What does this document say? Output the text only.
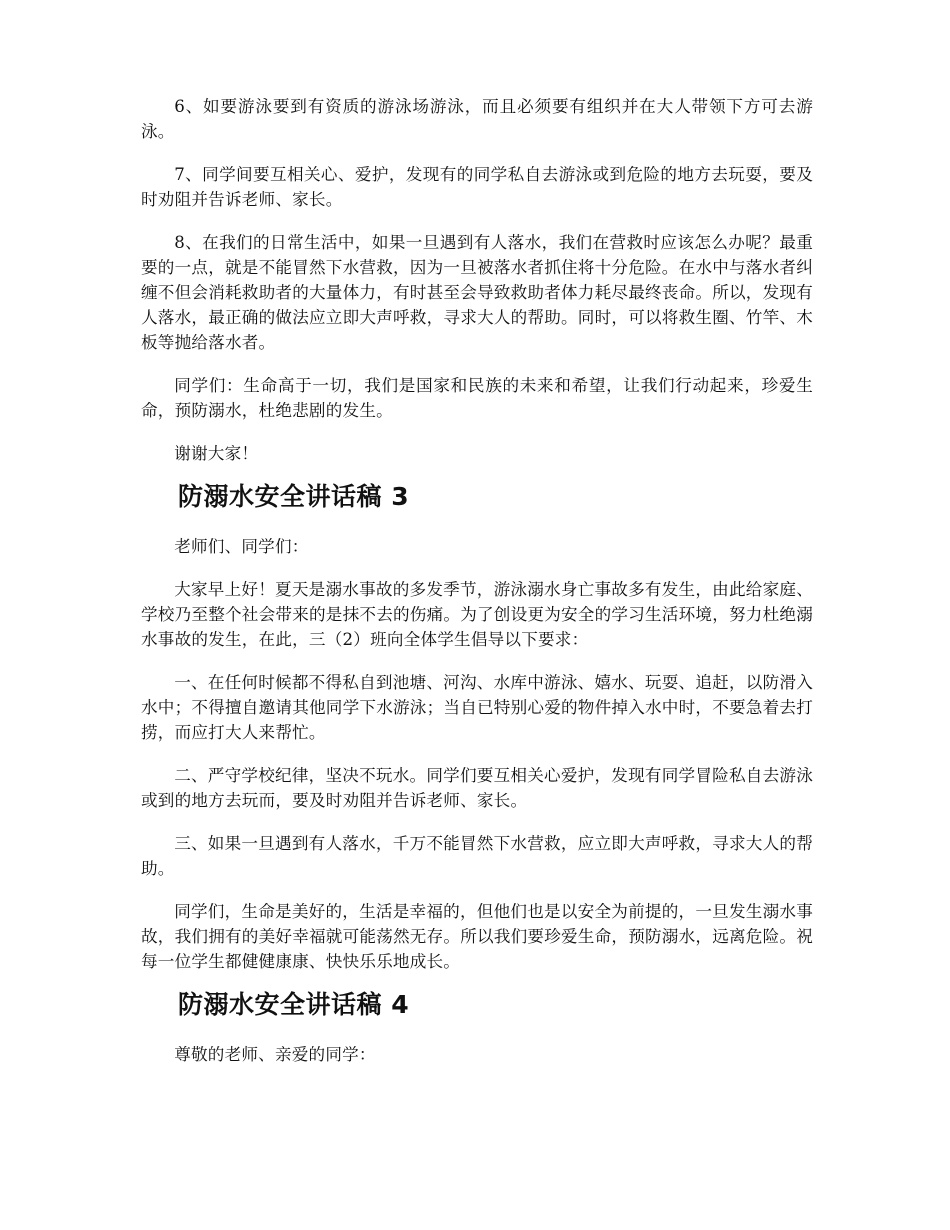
6、如要游泳要到有资质的游泳场游泳，而且必须要有组织并在大人带领下方可去游泳。

7、同学间要互相关心、爱护，发现有的同学私自去游泳或到危险的地方去玩耍，要及时劝阻并告诉老师、家长。

8、在我们的日常生活中，如果一旦遇到有人落水，我们在营救时应该怎么办呢？最重要的一点，就是不能冒然下水营救，因为一旦被落水者抓住将十分危险。在水中与落水者纠缠不但会消耗救助者的大量体力，有时甚至会导致救助者体力耗尽最终丧命。所以，发现有人落水，最正确的做法应立即大声呼救，寻求大人的帮助。同时，可以将救生圈、竹竿、木板等抛给落水者。

同学们：生命高于一切，我们是国家和民族的未来和希望，让我们行动起来，珍爱生命，预防溺水，杜绝悲剧的发生。

谢谢大家！

防溺水安全讲话稿 3

老师们、同学们：

大家早上好！夏天是溺水事故的多发季节，游泳溺水身亡事故多有发生，由此给家庭、学校乃至整个社会带来的是抹不去的伤痛。为了创设更为安全的学习生活环境，努力杜绝溺水事故的发生，在此，三（2）班向全体学生倡导以下要求：

一、在任何时候都不得私自到池塘、河沟、水库中游泳、嬉水、玩耍、追赶，以防滑入水中；不得擅自邀请其他同学下水游泳；当自已特别心爱的物件掉入水中时，不要急着去打捞，而应打大人来帮忙。

二、严守学校纪律，坚决不玩水。同学们要互相关心爱护，发现有同学冒险私自去游泳或到的地方去玩而，要及时劝阻并告诉老师、家长。

三、如果一旦遇到有人落水，千万不能冒然下水营救，应立即大声呼救，寻求大人的帮助。

同学们，生命是美好的，生活是幸福的，但他们也是以安全为前提的，一旦发生溺水事故，我们拥有的美好幸福就可能荡然无存。所以我们要珍爱生命，预防溺水，远离危险。祝每一位学生都健健康康、快快乐乐地成长。

防溺水安全讲话稿 4

尊敬的老师、亲爱的同学：
